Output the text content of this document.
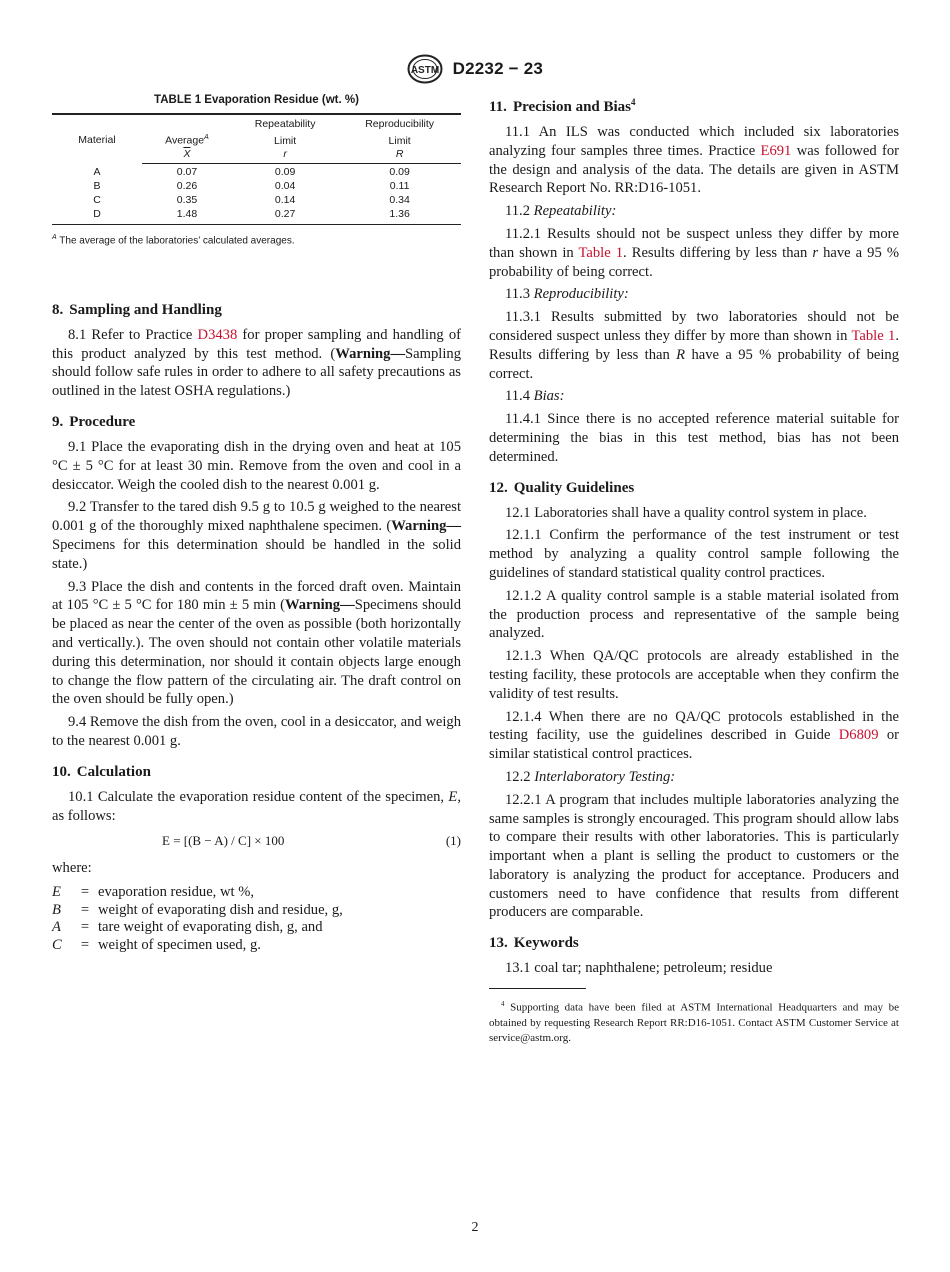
ASTM D2232 − 23
TABLE 1 Evaporation Residue (wt. %)
Material		Repeatability	Reproducibility
	Average$^A$	Limit	Limit
	$\overline{X}$	r	R
A	0.07	0.09	0.09
B	0.26	0.04	0.11
C	0.35	0.14	0.34
D	1.48	0.27	1.36
$^A$ The average of the laboratories’ calculated averages.
8. Sampling and Handling

8.1 Refer to Practice D3438 for proper sampling and handling of this product analyzed by this test method. (Warning—Sampling should follow safe rules in order to adhere to all safety precautions as outlined in the latest OSHA regulations.)

9. Procedure

9.1 Place the evaporating dish in the drying oven and heat at 105 °C ± 5 °C for at least 30 min. Remove from the oven and cool in a desiccator. Weigh the cooled dish to the nearest 0.001 g.

9.2 Transfer to the tared dish 9.5 g to 10.5 g weighed to the nearest 0.001 g of the thoroughly mixed naphthalene specimen. (Warning—Specimens for this determination should be handled in the solid state.)

9.3 Place the dish and contents in the forced draft oven. Maintain at 105 °C ± 5 °C for 180 min ± 5 min (Warning—Specimens should be placed as near the center of the oven as possible (both horizontally and vertically.). The oven should not contain other volatile materials during this determination, nor should it contain objects large enough to change the flow pattern of the circulating air. The draft control on the oven should be fully open.)

9.4 Remove the dish from the oven, cool in a desiccator, and weigh to the nearest 0.001 g.

10. Calculation

10.1 Calculate the evaporation residue content of the specimen, E, as follows:

E = [(B − A) / C] × 100	(1)

where:

E	= evaporation residue, wt %,
B	= weight of evaporating dish and residue, g,
A	= tare weight of evaporating dish, g, and
C	= weight of specimen used, g.
11. Precision and Bias$^4$

11.1 An ILS was conducted which included six laboratories analyzing four samples three times. Practice E691 was followed for the design and analysis of the data. The details are given in ASTM Research Report No. RR:D16-1051.

11.2 Repeatability:

11.2.1 Results should not be suspect unless they differ by more than shown in Table 1. Results differing by less than r have a 95 % probability of being correct.

11.3 Reproducibility:

11.3.1 Results submitted by two laboratories should not be considered suspect unless they differ by more than shown in Table 1. Results differing by less than R have a 95 % probability of being correct.

11.4 Bias:

11.4.1 Since there is no accepted reference material suitable for determining the bias in this test method, bias has not been determined.

12. Quality Guidelines

12.1 Laboratories shall have a quality control system in place.

12.1.1 Confirm the performance of the test instrument or test method by analyzing a quality control sample following the guidelines of standard statistical quality control practices.

12.1.2 A quality control sample is a stable material isolated from the production process and representative of the sample being analyzed.

12.1.3 When QA/QC protocols are already established in the testing facility, these protocols are acceptable when they confirm the validity of test results.

12.1.4 When there are no QA/QC protocols established in the testing facility, use the guidelines described in Guide D6809 or similar statistical control practices.

12.2 Interlaboratory Testing:

12.2.1 A program that includes multiple laboratories analyzing the same samples is strongly encouraged. This program should allow labs to compare their results with other laboratories. This is particularly important when a plant is selling the product to customers or the laboratory is analyzing the product for acceptance. Producers and customers need to have confidence that results from different producers are comparable.

13. Keywords

13.1 coal tar; naphthalene; petroleum; residue

$^4$ Supporting data have been filed at ASTM International Headquarters and may be obtained by requesting Research Report RR:D16-1051. Contact ASTM Customer Service at service@astm.org.
2
